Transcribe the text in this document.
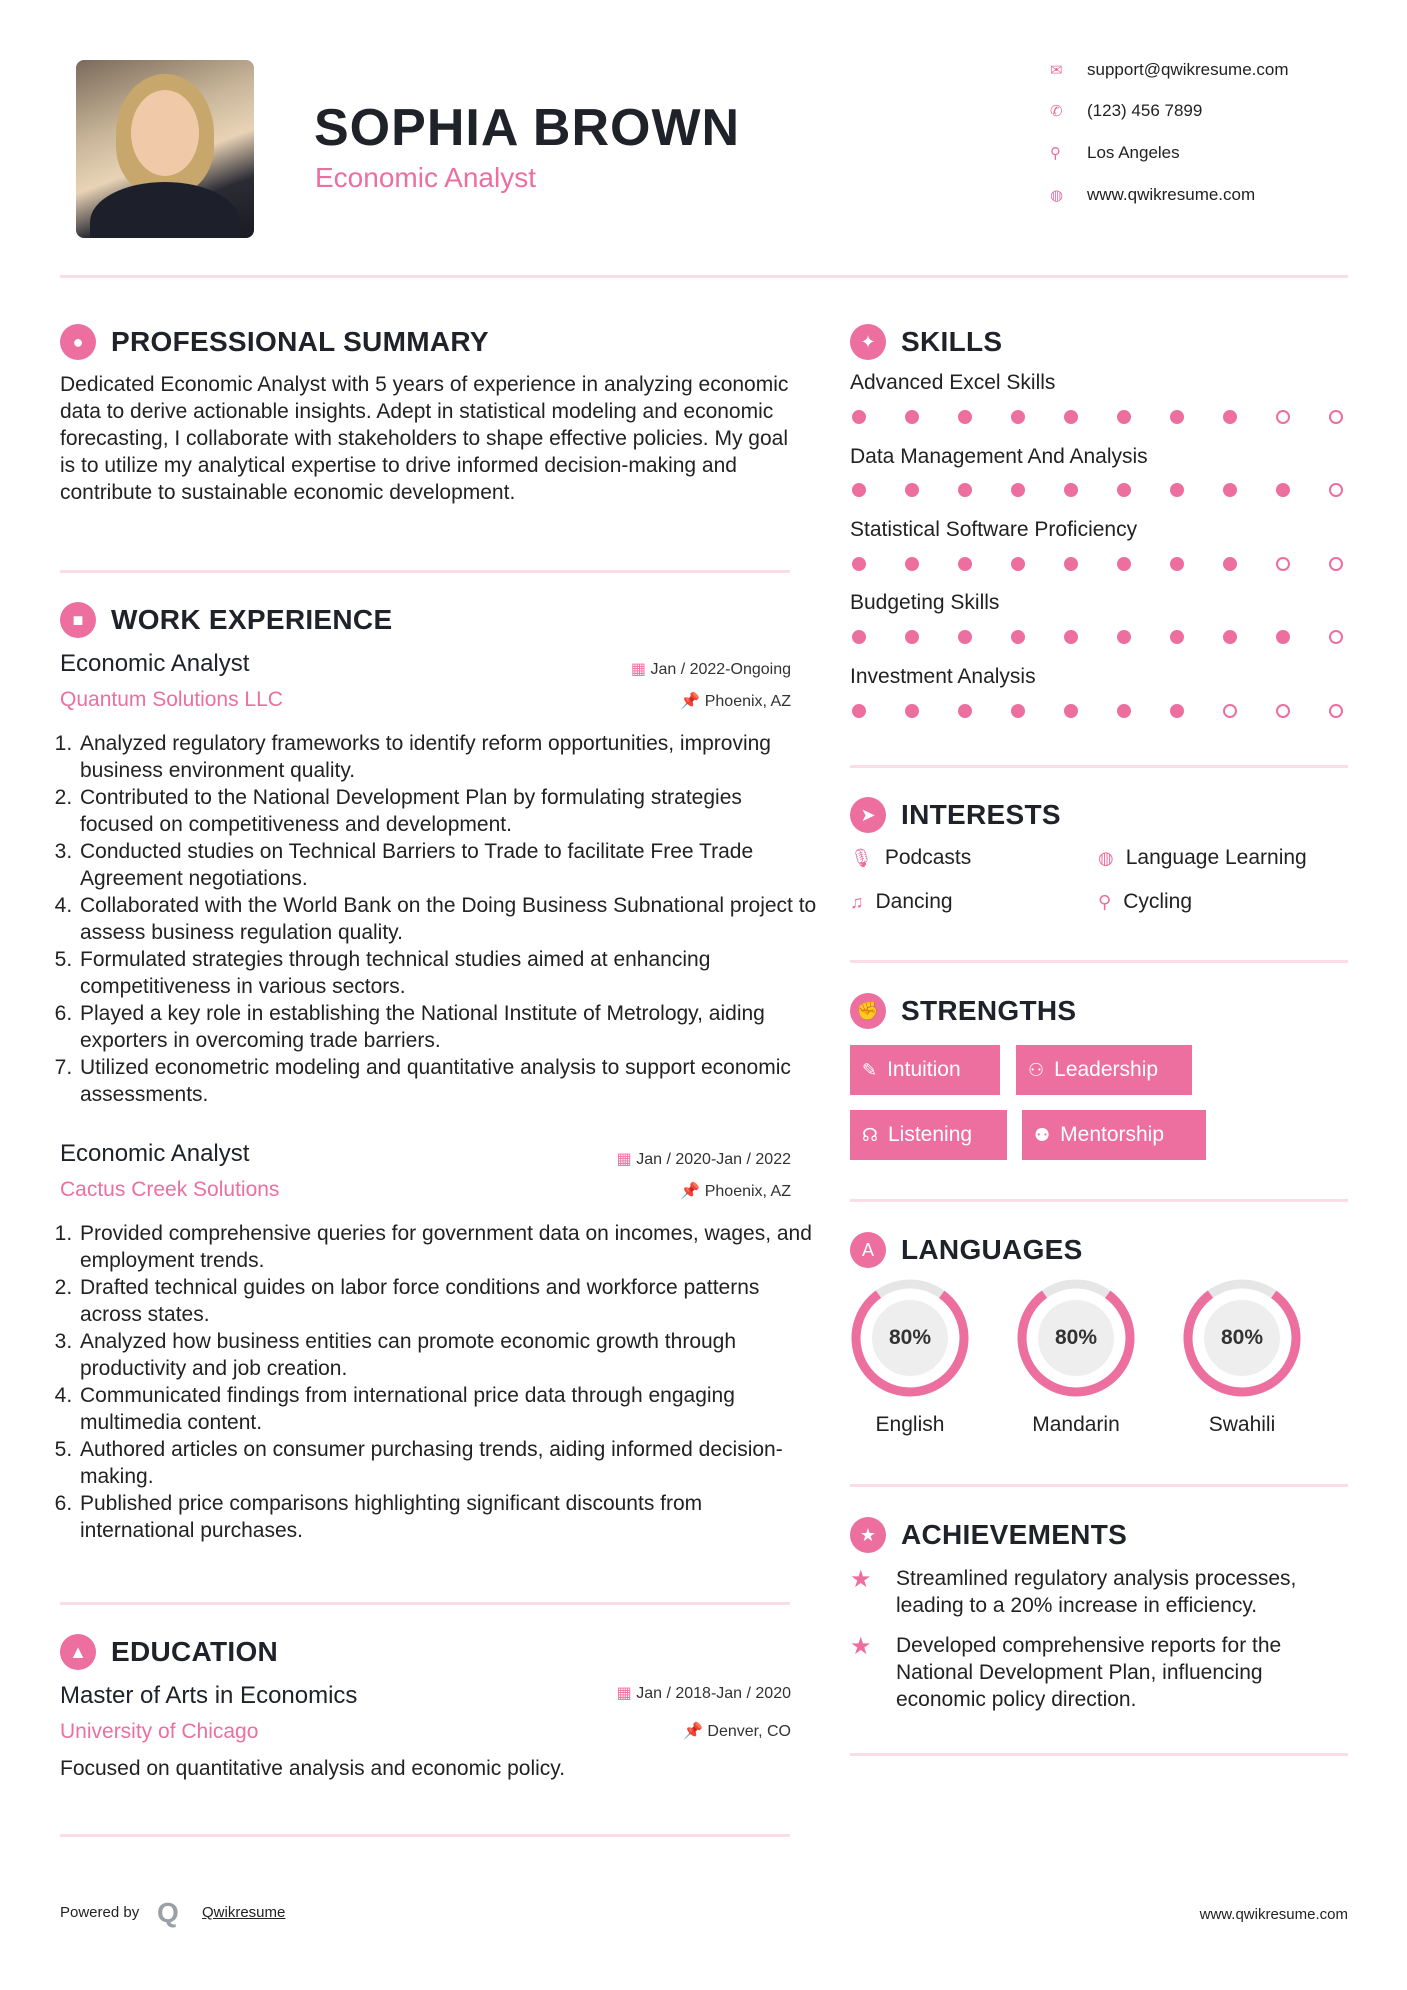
SOPHIA BROWN
Economic Analyst
✉	support@qwikresume.com
✆	(123) 456 7899
⚲	Los Angeles
◍ www.qwikresume.com
● PROFESSIONAL SUMMARY
Dedicated Economic Analyst with 5 years of experience in analyzing economic data to derive actionable insights. Adept in statistical modeling and economic forecasting, I collaborate with stakeholders to shape effective policies. My goal is to utilize my analytical expertise to drive informed decision-making and contribute to sustainable economic development.
■ WORK EXPERIENCE
Economic Analyst
Quantum Solutions LLC
▦ Jan / 2022-Ongoing
📌 Phoenix, AZ
1. Analyzed regulatory frameworks to identify reform opportunities, improving business environment quality.
2. Contributed to the National Development Plan by formulating strategies focused on competitiveness and development.
3. Conducted studies on Technical Barriers to Trade to facilitate Free Trade Agreement negotiations.
4. Collaborated with the World Bank on the Doing Business Subnational project to assess business regulation quality.
5. Formulated strategies through technical studies aimed at enhancing competitiveness in various sectors.
6. Played a key role in establishing the National Institute of Metrology, aiding exporters in overcoming trade barriers.
7. Utilized econometric modeling and quantitative analysis to support economic assessments.
Economic Analyst
Cactus Creek Solutions
▦ Jan / 2020-Jan / 2022
📌 Phoenix, AZ
1. Provided comprehensive queries for government data on incomes, wages, and employment trends.
2. Drafted technical guides on labor force conditions and workforce patterns across states.
3. Analyzed how business entities can promote economic growth through productivity and job creation.
4. Communicated findings from international price data through engaging multimedia content.
5. Authored articles on consumer purchasing trends, aiding informed decision-making.
6. Published price comparisons highlighting significant discounts from international purchases.
▲ EDUCATION
Master of Arts in Economics
University of Chicago
▦ Jan / 2018-Jan / 2020
📌 Denver, CO
Focused on quantitative analysis and economic policy.
✦ SKILLS
Advanced Excel Skills
Data Management And Analysis
Statistical Software Proficiency
Budgeting Skills
Investment Analysis
➤ INTERESTS
🎙 Podcasts	◍ Language Learning
♫ Dancing	⚲ Cycling
✊ STRENGTHS
✎ Intuition	⚇ Leadership
☊ Listening	⚉ Mentorship
A LANGUAGES
80%
English
80%
Mandarin
80%
Swahili
★ ACHIEVEMENTS
★ Streamlined regulatory analysis processes, leading to a 20% increase in efficiency.
★ Developed comprehensive reports for the National Development Plan, influencing economic policy direction.
Powered by Q Qwikresume	www.qwikresume.com
